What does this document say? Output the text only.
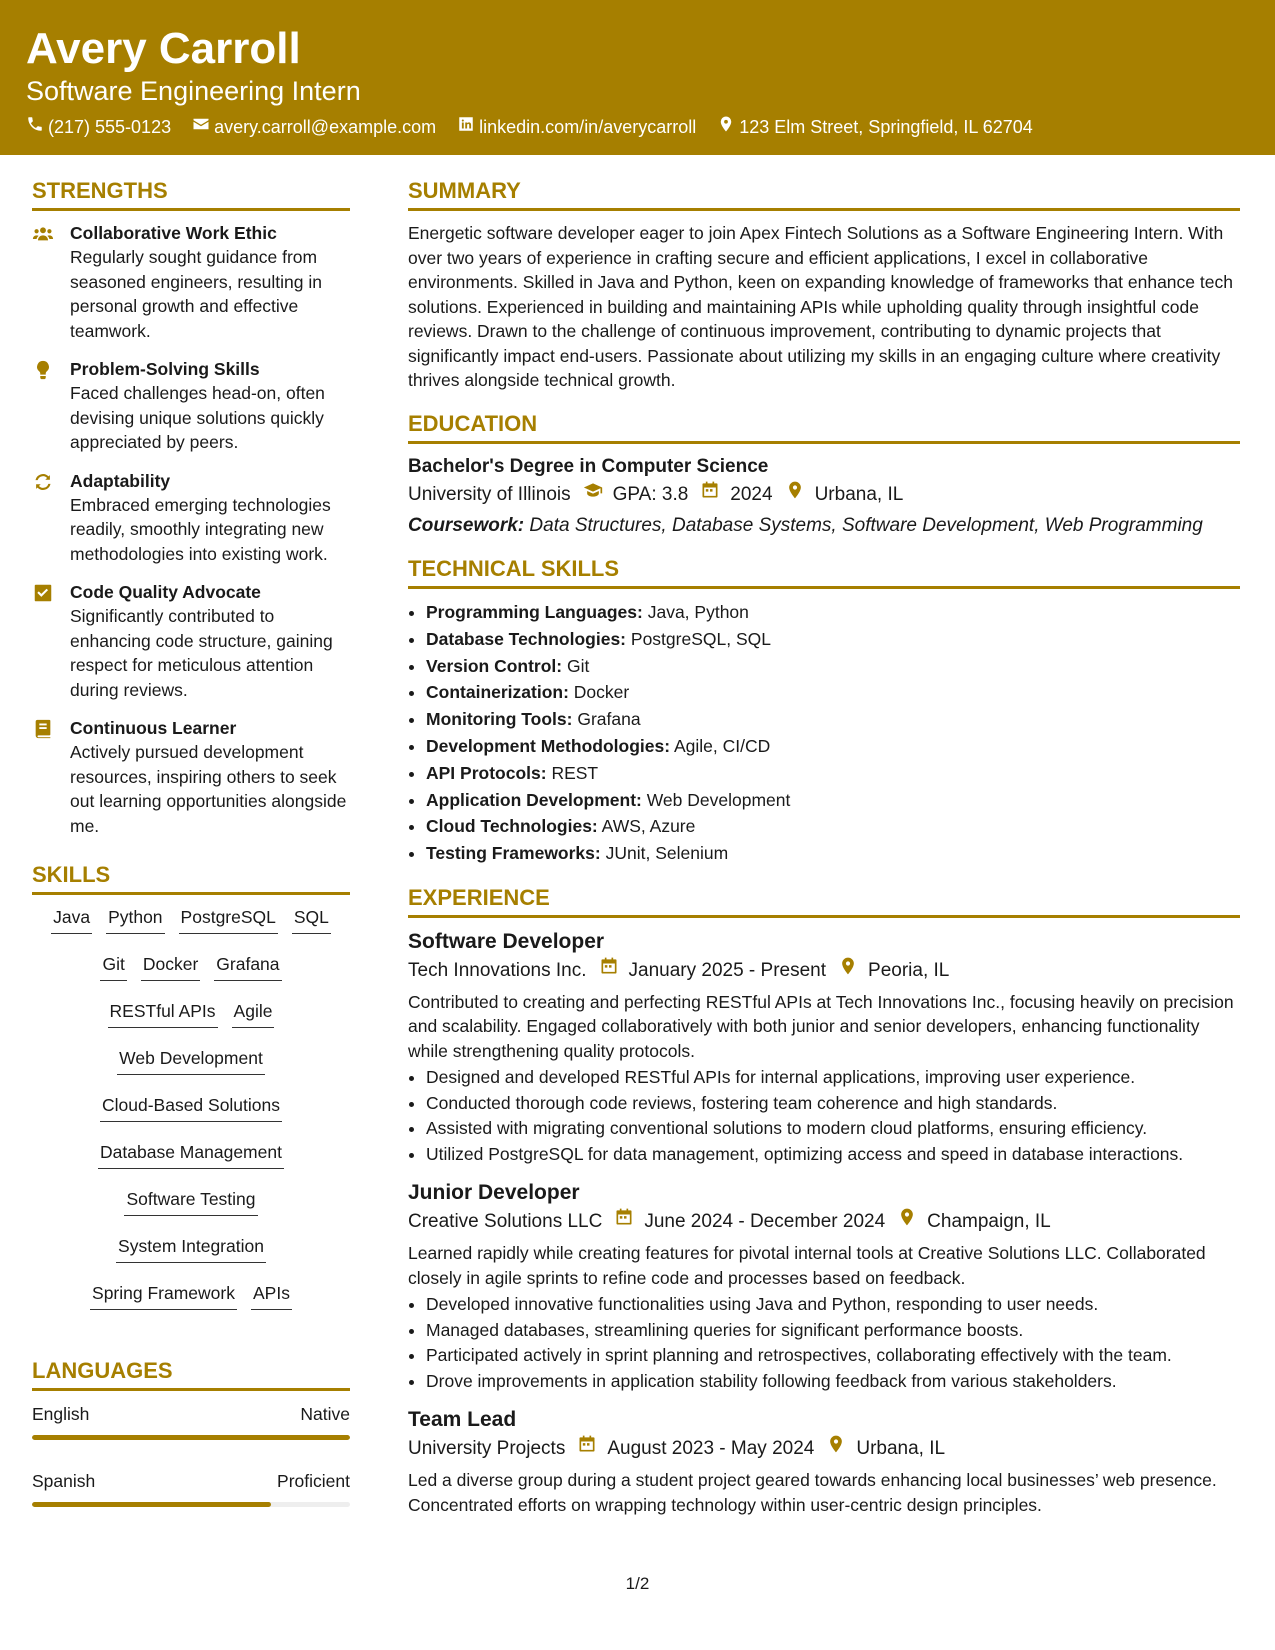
Avery Carroll
Software Engineering Intern
(217) 555-0123
avery.carroll@example.com
linkedin.com/in/averycarroll
123 Elm Street, Springfield, IL 62704
STRENGTHS
Collaborative Work Ethic
Regularly sought guidance from seasoned engineers, resulting in personal growth and effective teamwork.
Problem-Solving Skills
Faced challenges head-on, often devising unique solutions quickly appreciated by peers.
Adaptability
Embraced emerging technologies readily, smoothly integrating new methodologies into existing work.
Code Quality Advocate
Significantly contributed to enhancing code structure, gaining respect for meticulous attention during reviews.
Continuous Learner
Actively pursued development resources, inspiring others to seek out learning opportunities alongside me.
SKILLS
Java Python PostgreSQL SQL
Git Docker Grafana
RESTful APIs Agile
Web Development
Cloud-Based Solutions
Database Management
Software Testing
System Integration
Spring Framework APIs
LANGUAGES
English	Native
Spanish	Proficient
SUMMARY
Energetic software developer eager to join Apex Fintech Solutions as a Software Engineering Intern. With over two years of experience in crafting secure and efficient applications, I excel in collaborative environments. Skilled in Java and Python, keen on expanding knowledge of frameworks that enhance tech solutions. Experienced in building and maintaining APIs while upholding quality through insightful code reviews. Drawn to the challenge of continuous improvement, contributing to dynamic projects that significantly impact end-users. Passionate about utilizing my skills in an engaging culture where creativity thrives alongside technical growth.
EDUCATION
Bachelor's Degree in Computer Science
University of Illinois GPA: 3.8 2024 Urbana, IL
Coursework: Data Structures, Database Systems, Software Development, Web Programming
TECHNICAL SKILLS
• Programming Languages: Java, Python
• Database Technologies: PostgreSQL, SQL
• Version Control: Git
• Containerization: Docker
• Monitoring Tools: Grafana
• Development Methodologies: Agile, CI/CD
• API Protocols: REST
• Application Development: Web Development
• Cloud Technologies: AWS, Azure
• Testing Frameworks: JUnit, Selenium
EXPERIENCE
Software Developer
Tech Innovations Inc. January 2025 - Present Peoria, IL
Contributed to creating and perfecting RESTful APIs at Tech Innovations Inc., focusing heavily on precision and scalability. Engaged collaboratively with both junior and senior developers, enhancing functionality while strengthening quality protocols.
• Designed and developed RESTful APIs for internal applications, improving user experience.
• Conducted thorough code reviews, fostering team coherence and high standards.
• Assisted with migrating conventional solutions to modern cloud platforms, ensuring efficiency.
• Utilized PostgreSQL for data management, optimizing access and speed in database interactions.
Junior Developer
Creative Solutions LLC June 2024 - December 2024 Champaign, IL
Learned rapidly while creating features for pivotal internal tools at Creative Solutions LLC. Collaborated closely in agile sprints to refine code and processes based on feedback.
• Developed innovative functionalities using Java and Python, responding to user needs.
• Managed databases, streamlining queries for significant performance boosts.
• Participated actively in sprint planning and retrospectives, collaborating effectively with the team.
• Drove improvements in application stability following feedback from various stakeholders.
Team Lead
University Projects August 2023 - May 2024 Urbana, IL
Led a diverse group during a student project geared towards enhancing local businesses’ web presence. Concentrated efforts on wrapping technology within user-centric design principles.
1/2
